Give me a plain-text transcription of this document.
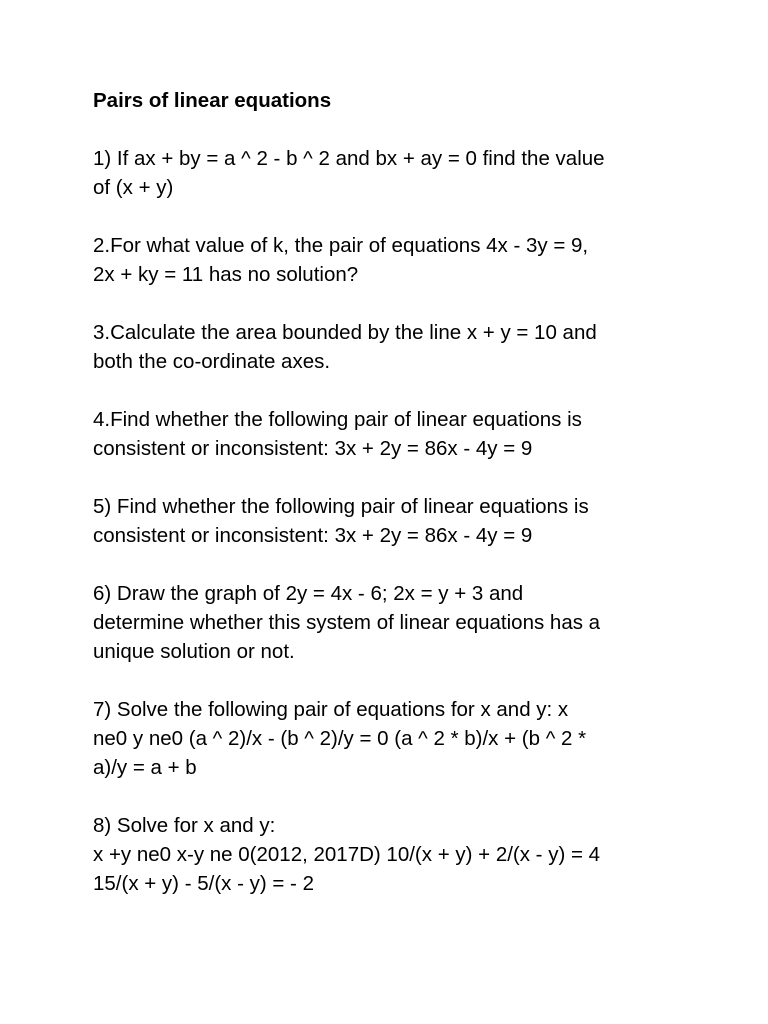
Pairs of linear equations
1) If ax + by = a ^ 2 - b ^ 2 and bx + ay = 0 find the value
of (x + y)
2.For what value of k, the pair of equations 4x - 3y = 9,
2x + ky = 11 has no solution?
3.Calculate the area bounded by the line x + y = 10 and
both the co-ordinate axes.
4.Find whether the following pair of linear equations is
consistent or inconsistent: 3x + 2y = 86x - 4y = 9
5) Find whether the following pair of linear equations is
consistent or inconsistent: 3x + 2y = 86x - 4y = 9
6) Draw the graph of 2y = 4x - 6; 2x = y + 3 and
determine whether this system of linear equations has a
unique solution or not.
7) Solve the following pair of equations for x and y: x
ne0 y ne0 (a ^ 2)/x - (b ^ 2)/y = 0 (a ^ 2 * b)/x + (b ^ 2 *
a)/y = a + b
8) Solve for x and y:
x +y ne0 x-y ne 0(2012, 2017D) 10/(x + y) + 2/(x - y) = 4
15/(x + y) - 5/(x - y) = - 2
